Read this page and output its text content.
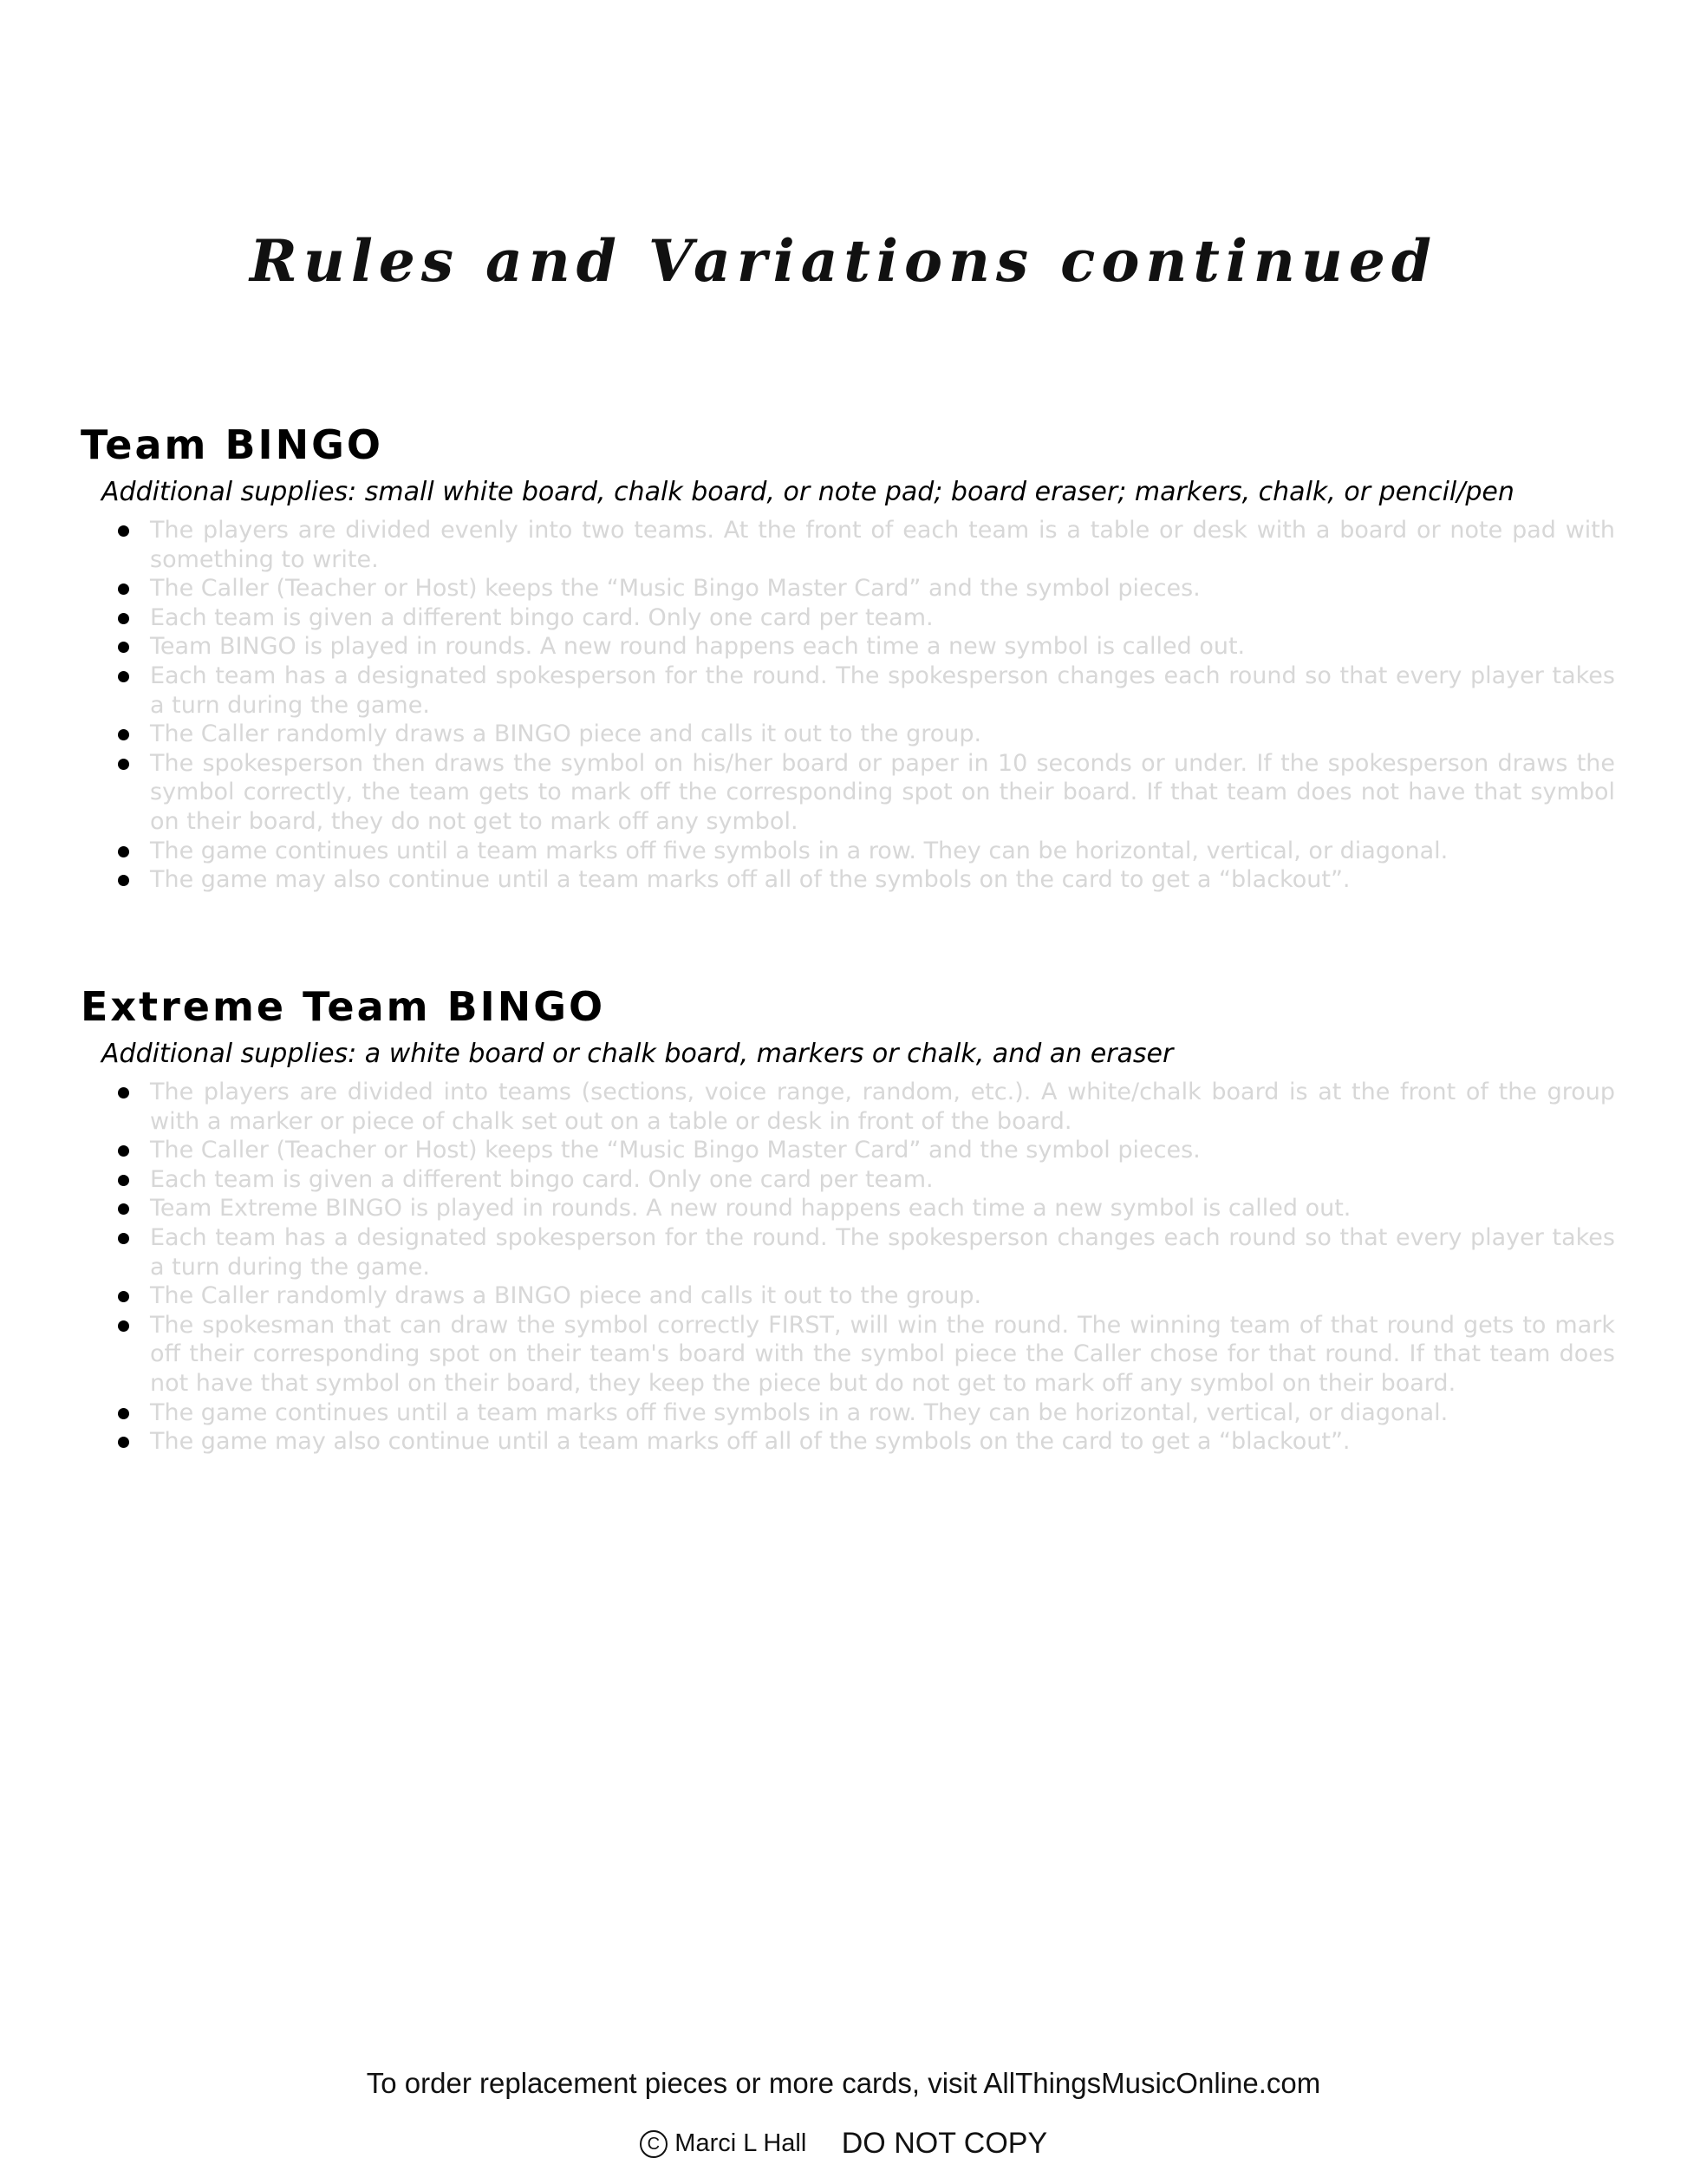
Rules and Variations continued
Team BINGO

Additional supplies: small white board, chalk board, or note pad; board eraser; markers, chalk, or pencil/pen

The players are divided evenly into two teams. At the front of each team is a table or desk with a board or note pad with something to write.
The Caller (Teacher or Host) keeps the “Music Bingo Master Card” and the symbol pieces.
Each team is given a different bingo card. Only one card per team.
Team BINGO is played in rounds. A new round happens each time a new symbol is called out.
Each team has a designated spokesperson for the round. The spokesperson changes each round so that every player takes a turn during the game.
The Caller randomly draws a BINGO piece and calls it out to the group.
The spokesperson then draws the symbol on his/her board or paper in 10 seconds or under. If the spokesperson draws the symbol correctly, the team gets to mark off the corresponding spot on their board. If that team does not have that symbol on their board, they do not get to mark off any symbol.
The game continues until a team marks off five symbols in a row. They can be horizontal, vertical, or diagonal.
The game may also continue until a team marks off all of the symbols on the card to get a “blackout”.
Extreme Team BINGO

Additional supplies: a white board or chalk board, markers or chalk, and an eraser

The players are divided into teams (sections, voice range, random, etc.). A white/chalk board is at the front of the group with a marker or piece of chalk set out on a table or desk in front of the board.
The Caller (Teacher or Host) keeps the “Music Bingo Master Card” and the symbol pieces.
Each team is given a different bingo card. Only one card per team.
Team Extreme BINGO is played in rounds. A new round happens each time a new symbol is called out.
Each team has a designated spokesperson for the round. The spokesperson changes each round so that every player takes a turn during the game.
The Caller randomly draws a BINGO piece and calls it out to the group.
The spokesman that can draw the symbol correctly FIRST, will win the round. The winning team of that round gets to mark off their corresponding spot on their team's board with the symbol piece the Caller chose for that round. If that team does not have that symbol on their board, they keep the piece but do not get to mark off any symbol on their board.
The game continues until a team marks off five symbols in a row. They can be horizontal, vertical, or diagonal.
The game may also continue until a team marks off all of the symbols on the card to get a “blackout”.

To order replacement pieces or more cards, visit AllThingsMusicOnline.com

C Marci L Hall DO NOT COPY
